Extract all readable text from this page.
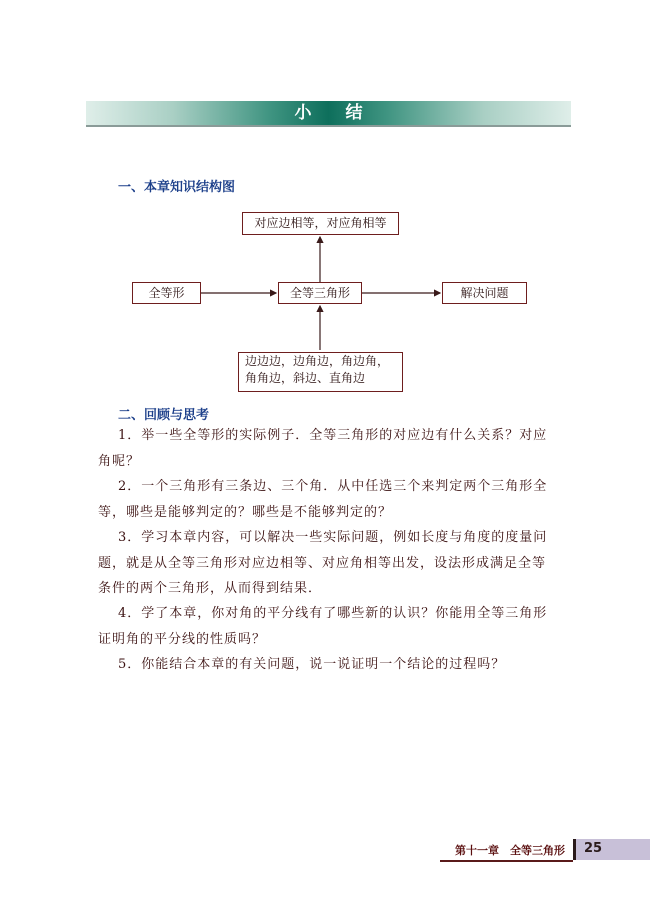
小结
一、本章知识结构图
对应边相等，对应角相等
全等形	全等三角形	解决问题
边边边，边角边，角边角，
角角边，斜边、直角边
二、回顾与思考
1．举一些全等形的实际例子．全等三角形的对应边有什么关系？对应角呢？
2．一个三角形有三条边、三个角．从中任选三个来判定两个三角形全等，哪些是能够判定的？哪些是不能够判定的？
3．学习本章内容，可以解决一些实际问题，例如长度与角度的度量问题，就是从全等三角形对应边相等、对应角相等出发，设法形成满足全等条件的两个三角形，从而得到结果．
4．学了本章，你对角的平分线有了哪些新的认识？你能用全等三角形证明角的平分线的性质吗？
5．你能结合本章的有关问题，说一说证明一个结论的过程吗？
第十一章　全等三角形 25
